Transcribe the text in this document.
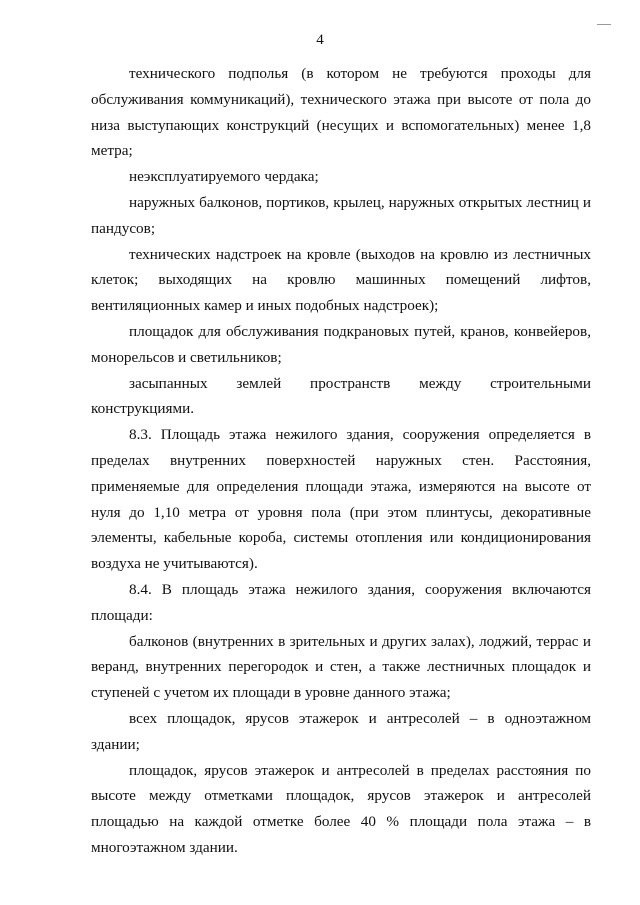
4

технического подполья (в котором не требуются проходы для обслуживания коммуникаций), технического этажа при высоте от пола до низа выступающих конструкций (несущих и вспомогательных) менее 1,8 метра;

неэксплуатируемого чердака;

наружных балконов, портиков, крылец, наружных открытых лестниц и пандусов;

технических надстроек на кровле (выходов на кровлю из лестничных клеток; выходящих на кровлю машинных помещений лифтов, вентиляционных камер и иных подобных надстроек);

площадок для обслуживания подкрановых путей, кранов, конвейеров, монорельсов и светильников;

засыпанных землей пространств между строительными конструкциями.

8.3. Площадь этажа нежилого здания, сооружения определяется в пределах внутренних поверхностей наружных стен. Расстояния, применяемые для определения площади этажа, измеряются на высоте от нуля до 1,10 метра от уровня пола (при этом плинтусы, декоративные элементы, кабельные короба, системы отопления или кондиционирования воздуха не учитываются).

8.4. В площадь этажа нежилого здания, сооружения включаются площади:

балконов (внутренних в зрительных и других залах), лоджий, террас и веранд, внутренних перегородок и стен, а также лестничных площадок и ступеней с учетом их площади в уровне данного этажа;

всех площадок, ярусов этажерок и антресолей – в одноэтажном здании;

площадок, ярусов этажерок и антресолей в пределах расстояния по высоте между отметками площадок, ярусов этажерок и антресолей площадью на каждой отметке более 40 % площади пола этажа – в многоэтажном здании.
